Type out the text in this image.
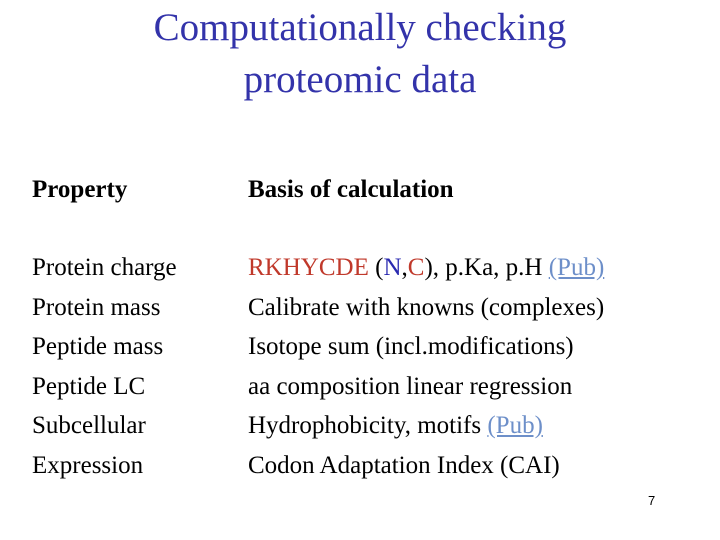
Computationally checking
proteomic data
Property	Basis of calculation
Protein charge	RKHYCDE (N,C), p.Ka, p.H (Pub)
Protein mass	Calibrate with knowns (complexes)
Peptide mass	Isotope sum (incl.modifications)
Peptide LC	aa composition linear regression
Subcellular	Hydrophobicity, motifs (Pub)
Expression	Codon Adaptation Index (CAI)
7
